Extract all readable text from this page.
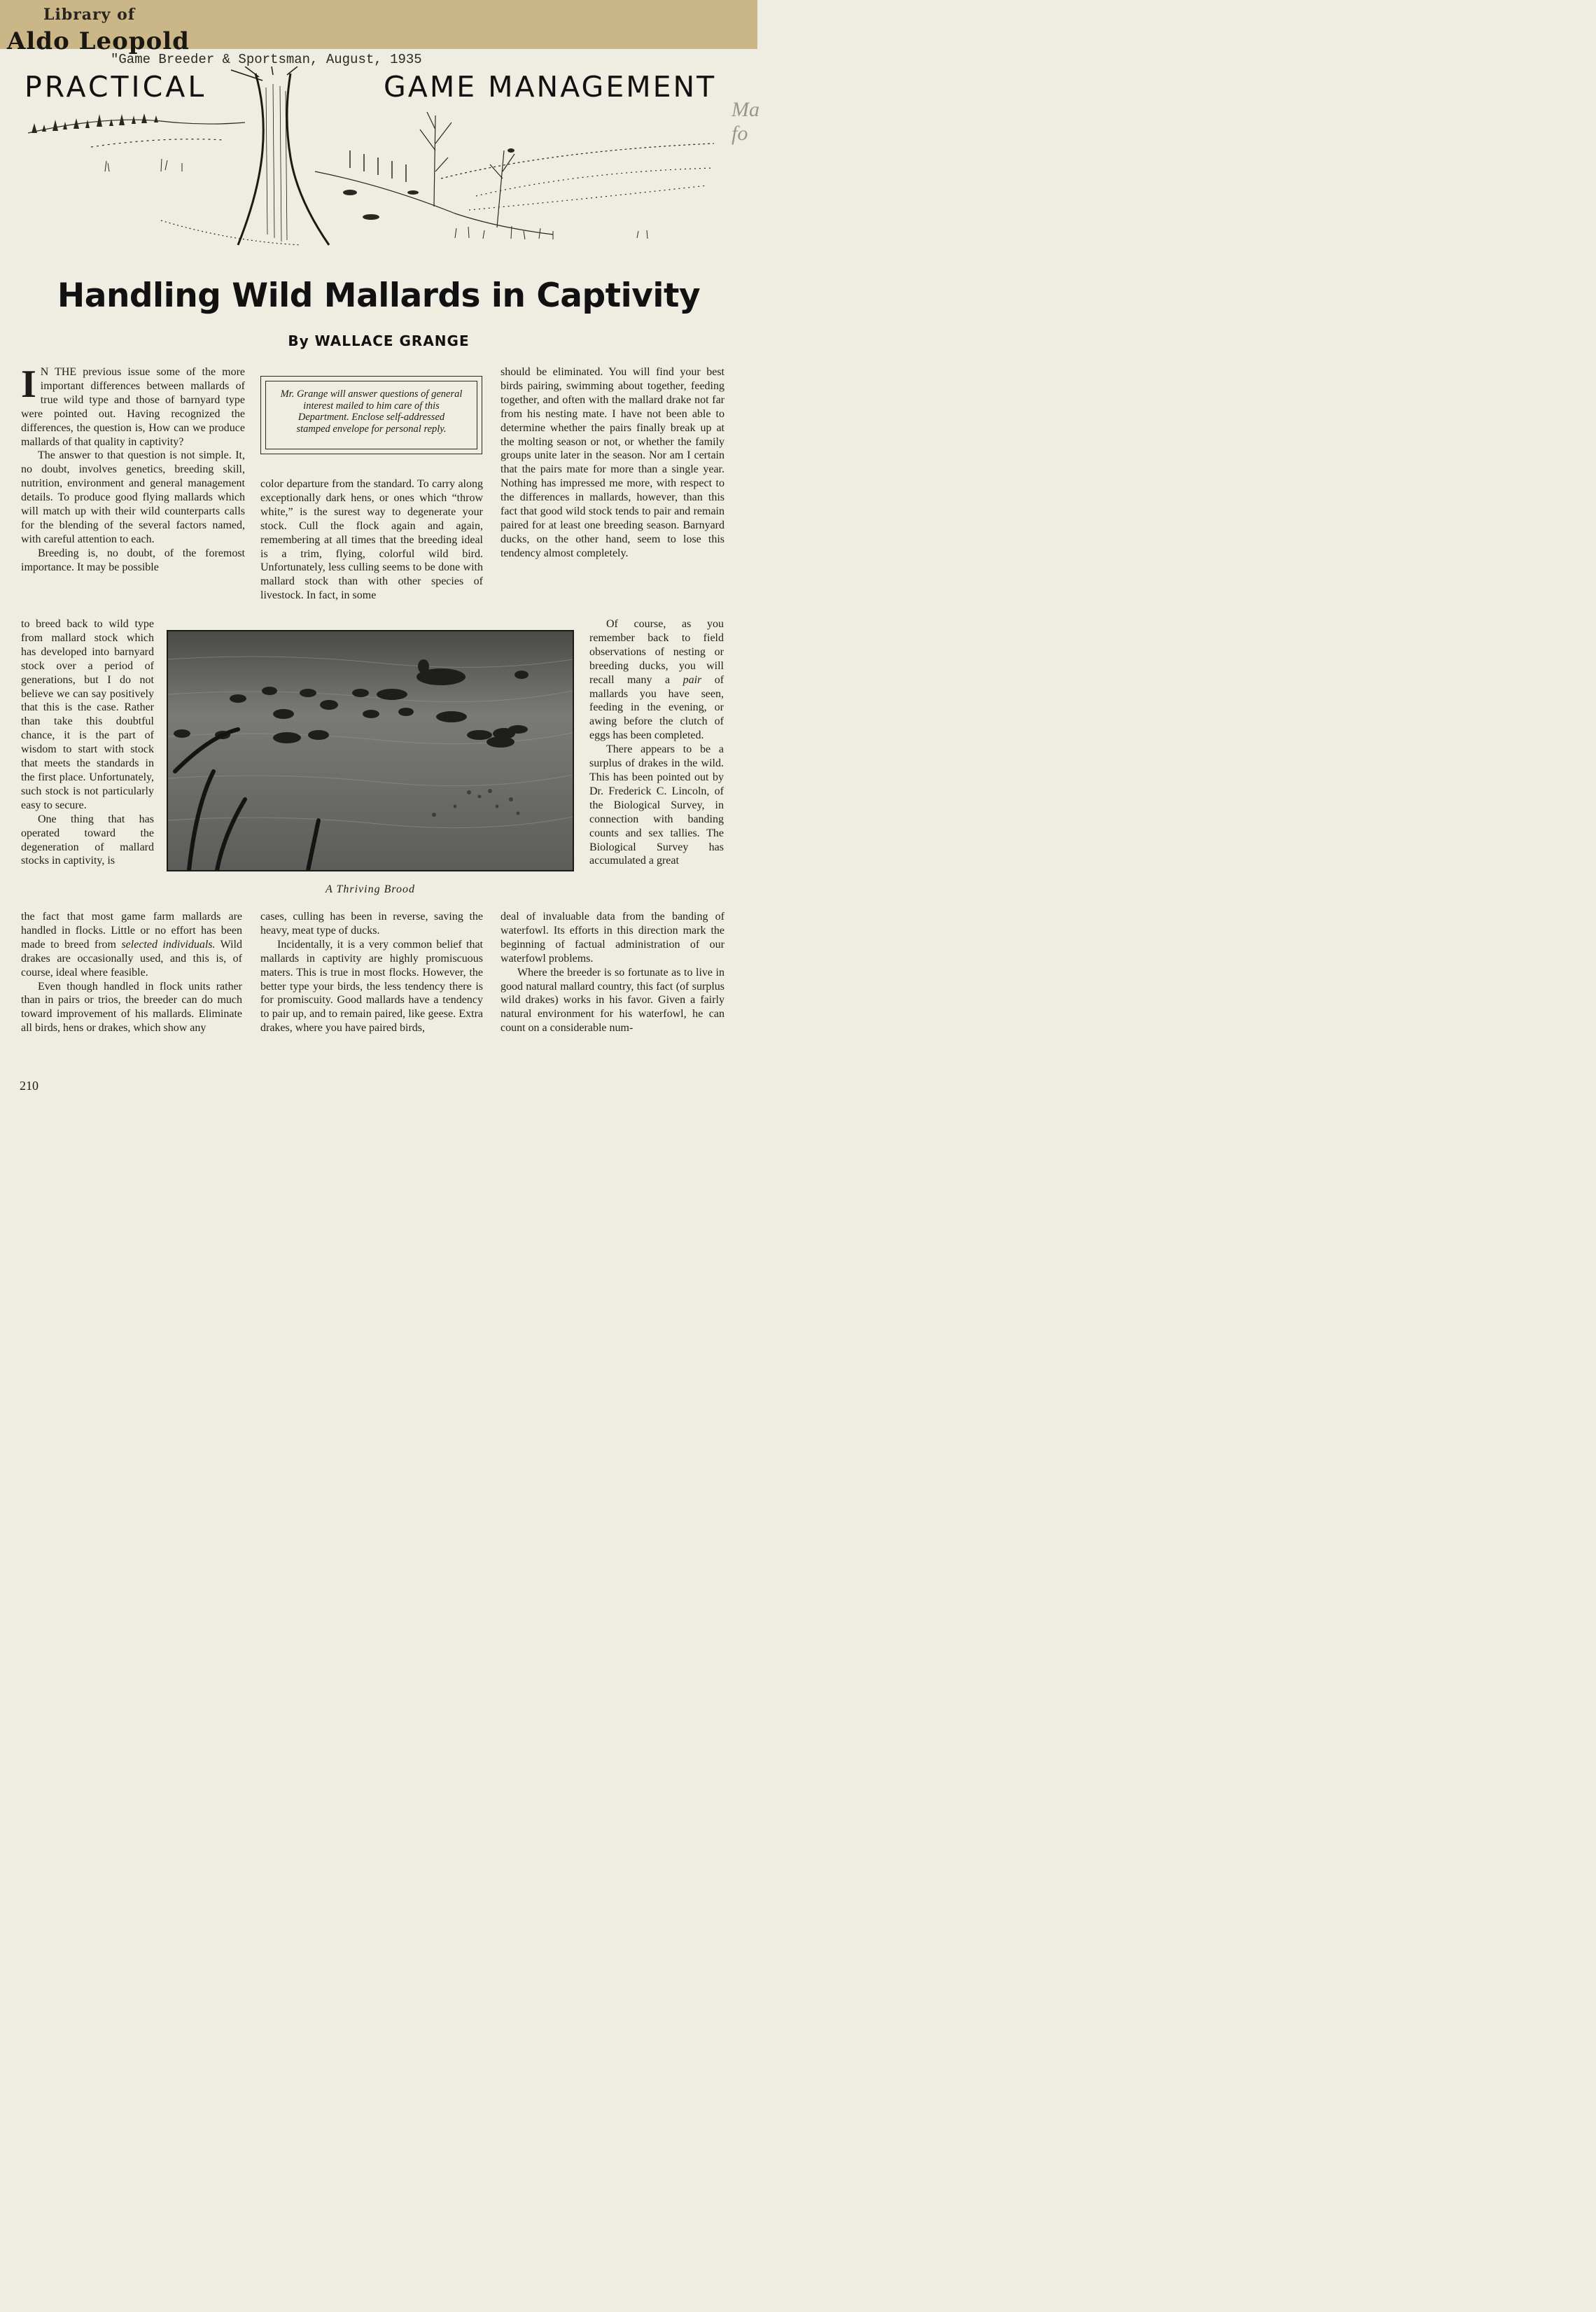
Library of
Aldo Leopold
"Game Breeder & Sportsman, August, 1935
PRACTICAL	GAME MANAGEMENT
Ma
fo
Handling Wild Mallards in Captivity
By WALLACE GRANGE

I N THE previous issue some of the more important differences between mallards of true wild type and those of barnyard type were pointed out. Having recognized the differences, the question is, How can we produce mallards of that quality in captivity?

The answer to that question is not simple. It, no doubt, involves genetics, breeding skill, nutrition, environment and general management details. To produce good flying mallards which will match up with their wild counterparts calls for the blending of the several factors named, with careful attention to each.

Breeding is, no doubt, of the foremost importance. It may be possible

to breed back to wild type from mallard stock which has developed into barnyard stock over a period of generations, but I do not believe we can say positively that this is the case. Rather than take this doubtful chance, it is the part of wisdom to start with stock that meets the standards in the first place. Unfortunately, such stock is not particularly easy to secure.

One thing that has operated toward the degeneration of mallard stocks in captivity, is

the fact that most game farm mallards are handled in flocks. Little or no effort has been made to breed from selected individuals. Wild drakes are occasionally used, and this is, of course, ideal where feasible.

Even though handled in flock units rather than in pairs or trios, the breeder can do much toward improvement of his mallards. Eliminate all birds, hens or drakes, which show any

Mr. Grange will answer questions of general interest mailed to him care of this Department. Enclose self-addressed stamped envelope for personal reply.

color departure from the standard. To carry along exceptionally dark hens, or ones which “throw white,” is the surest way to degenerate your stock. Cull the flock again and again, remembering at all times that the breeding ideal is a trim, flying, colorful wild bird. Unfortunately, less culling seems to be done with mallard stock than with other species of livestock. In fact, in some

cases, culling has been in reverse, saving the heavy, meat type of ducks.

Incidentally, it is a very common belief that mallards in captivity are highly promiscuous maters. This is true in most flocks. However, the better type your birds, the less tendency there is for promiscuity. Good mallards have a tendency to pair up, and to remain paired, like geese. Extra drakes, where you have paired birds,

should be eliminated. You will find your best birds pairing, swimming about together, feeding together, and often with the mallard drake not far from his nesting mate. I have not been able to determine whether the pairs finally break up at the molting season or not, or whether the family groups unite later in the season. Nor am I certain that the pairs mate for more than a single year. Nothing has impressed me more, with respect to the differences in mallards, however, than this fact that good wild stock tends to pair and remain paired for at least one breeding season. Barnyard ducks, on the other hand, seem to lose this tendency almost completely.

Of course, as you remember back to field observations of nesting or breeding ducks, you will recall many a pair of mallards you have seen, feeding in the evening, or awing before the clutch of eggs has been completed.

There appears to be a surplus of drakes in the wild. This has been pointed out by Dr. Frederick C. Lincoln, of the Biological Survey, in connection with banding counts and sex tallies. The Biological Survey has accumulated a great

deal of invaluable data from the banding of waterfowl. Its efforts in this direction mark the beginning of factual administration of our waterfowl problems.

Where the breeder is so fortunate as to live in good natural mallard country, this fact (of surplus wild drakes) works in his favor. Given a fairly natural environment for his waterfowl, he can count on a considerable num-

A Thriving Brood
210
